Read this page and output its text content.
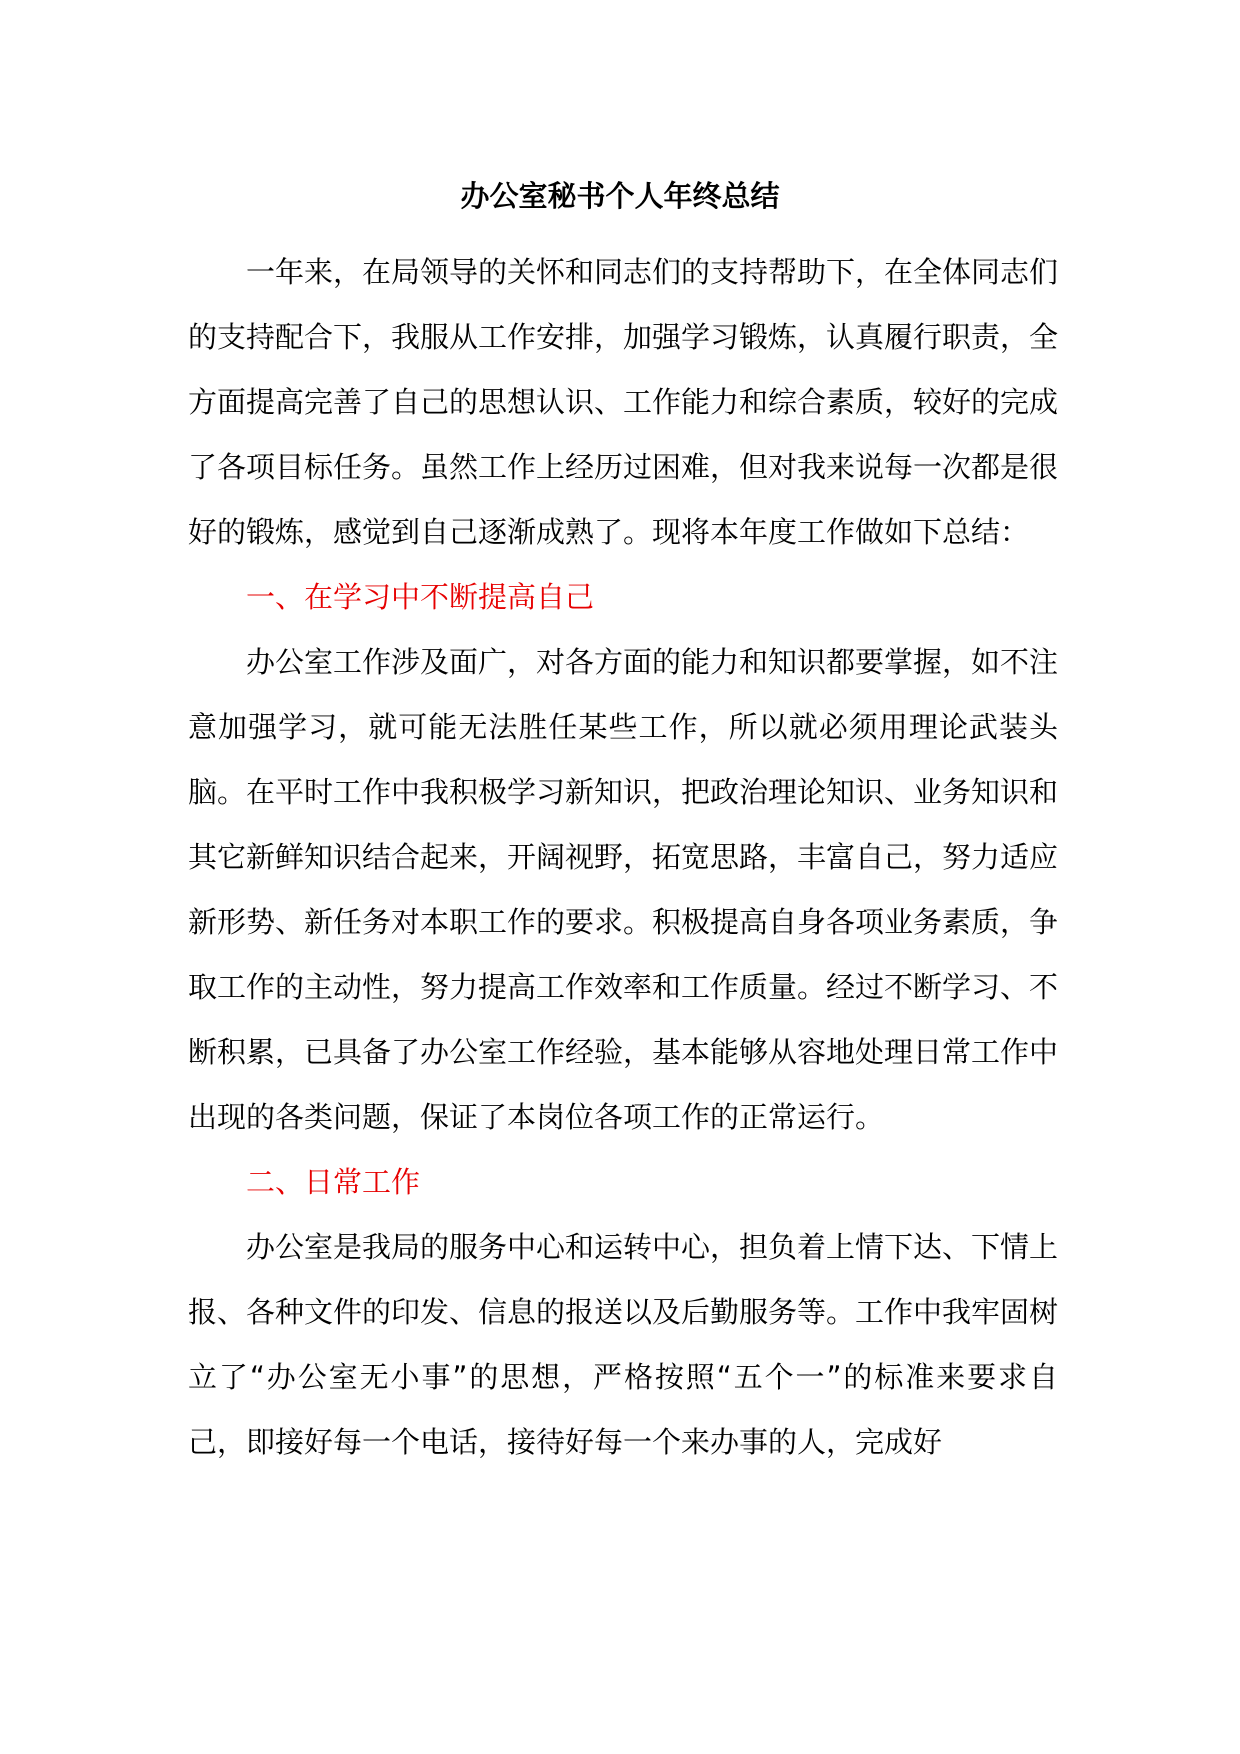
办公室秘书个人年终总结

一年来，在局领导的关怀和同志们的支持帮助下，在全体同志们的支持配合下，我服从工作安排，加强学习锻炼，认真履行职责，全方面提高完善了自己的思想认识、工作能力和综合素质，较好的完成了各项目标任务。虽然工作上经历过困难，但对我来说每一次都是很好的锻炼，感觉到自己逐渐成熟了。现将本年度工作做如下总结：

一、在学习中不断提高自己

办公室工作涉及面广，对各方面的能力和知识都要掌握，如不注意加强学习，就可能无法胜任某些工作，所以就必须用理论武装头脑。在平时工作中我积极学习新知识，把政治理论知识、业务知识和其它新鲜知识结合起来，开阔视野，拓宽思路，丰富自己，努力适应新形势、新任务对本职工作的要求。积极提高自身各项业务素质，争取工作的主动性，努力提高工作效率和工作质量。经过不断学习、不断积累，已具备了办公室工作经验，基本能够从容地处理日常工作中出现的各类问题，保证了本岗位各项工作的正常运行。

二、日常工作

办公室是我局的服务中心和运转中心，担负着上情下达、下情上报、各种文件的印发、信息的报送以及后勤服务等。工作中我牢固树立了“办公室无小事”的思想，严格按照“五个一”的标准来要求自己，即接好每一个电话，接待好每一个来办事的人，完成好
